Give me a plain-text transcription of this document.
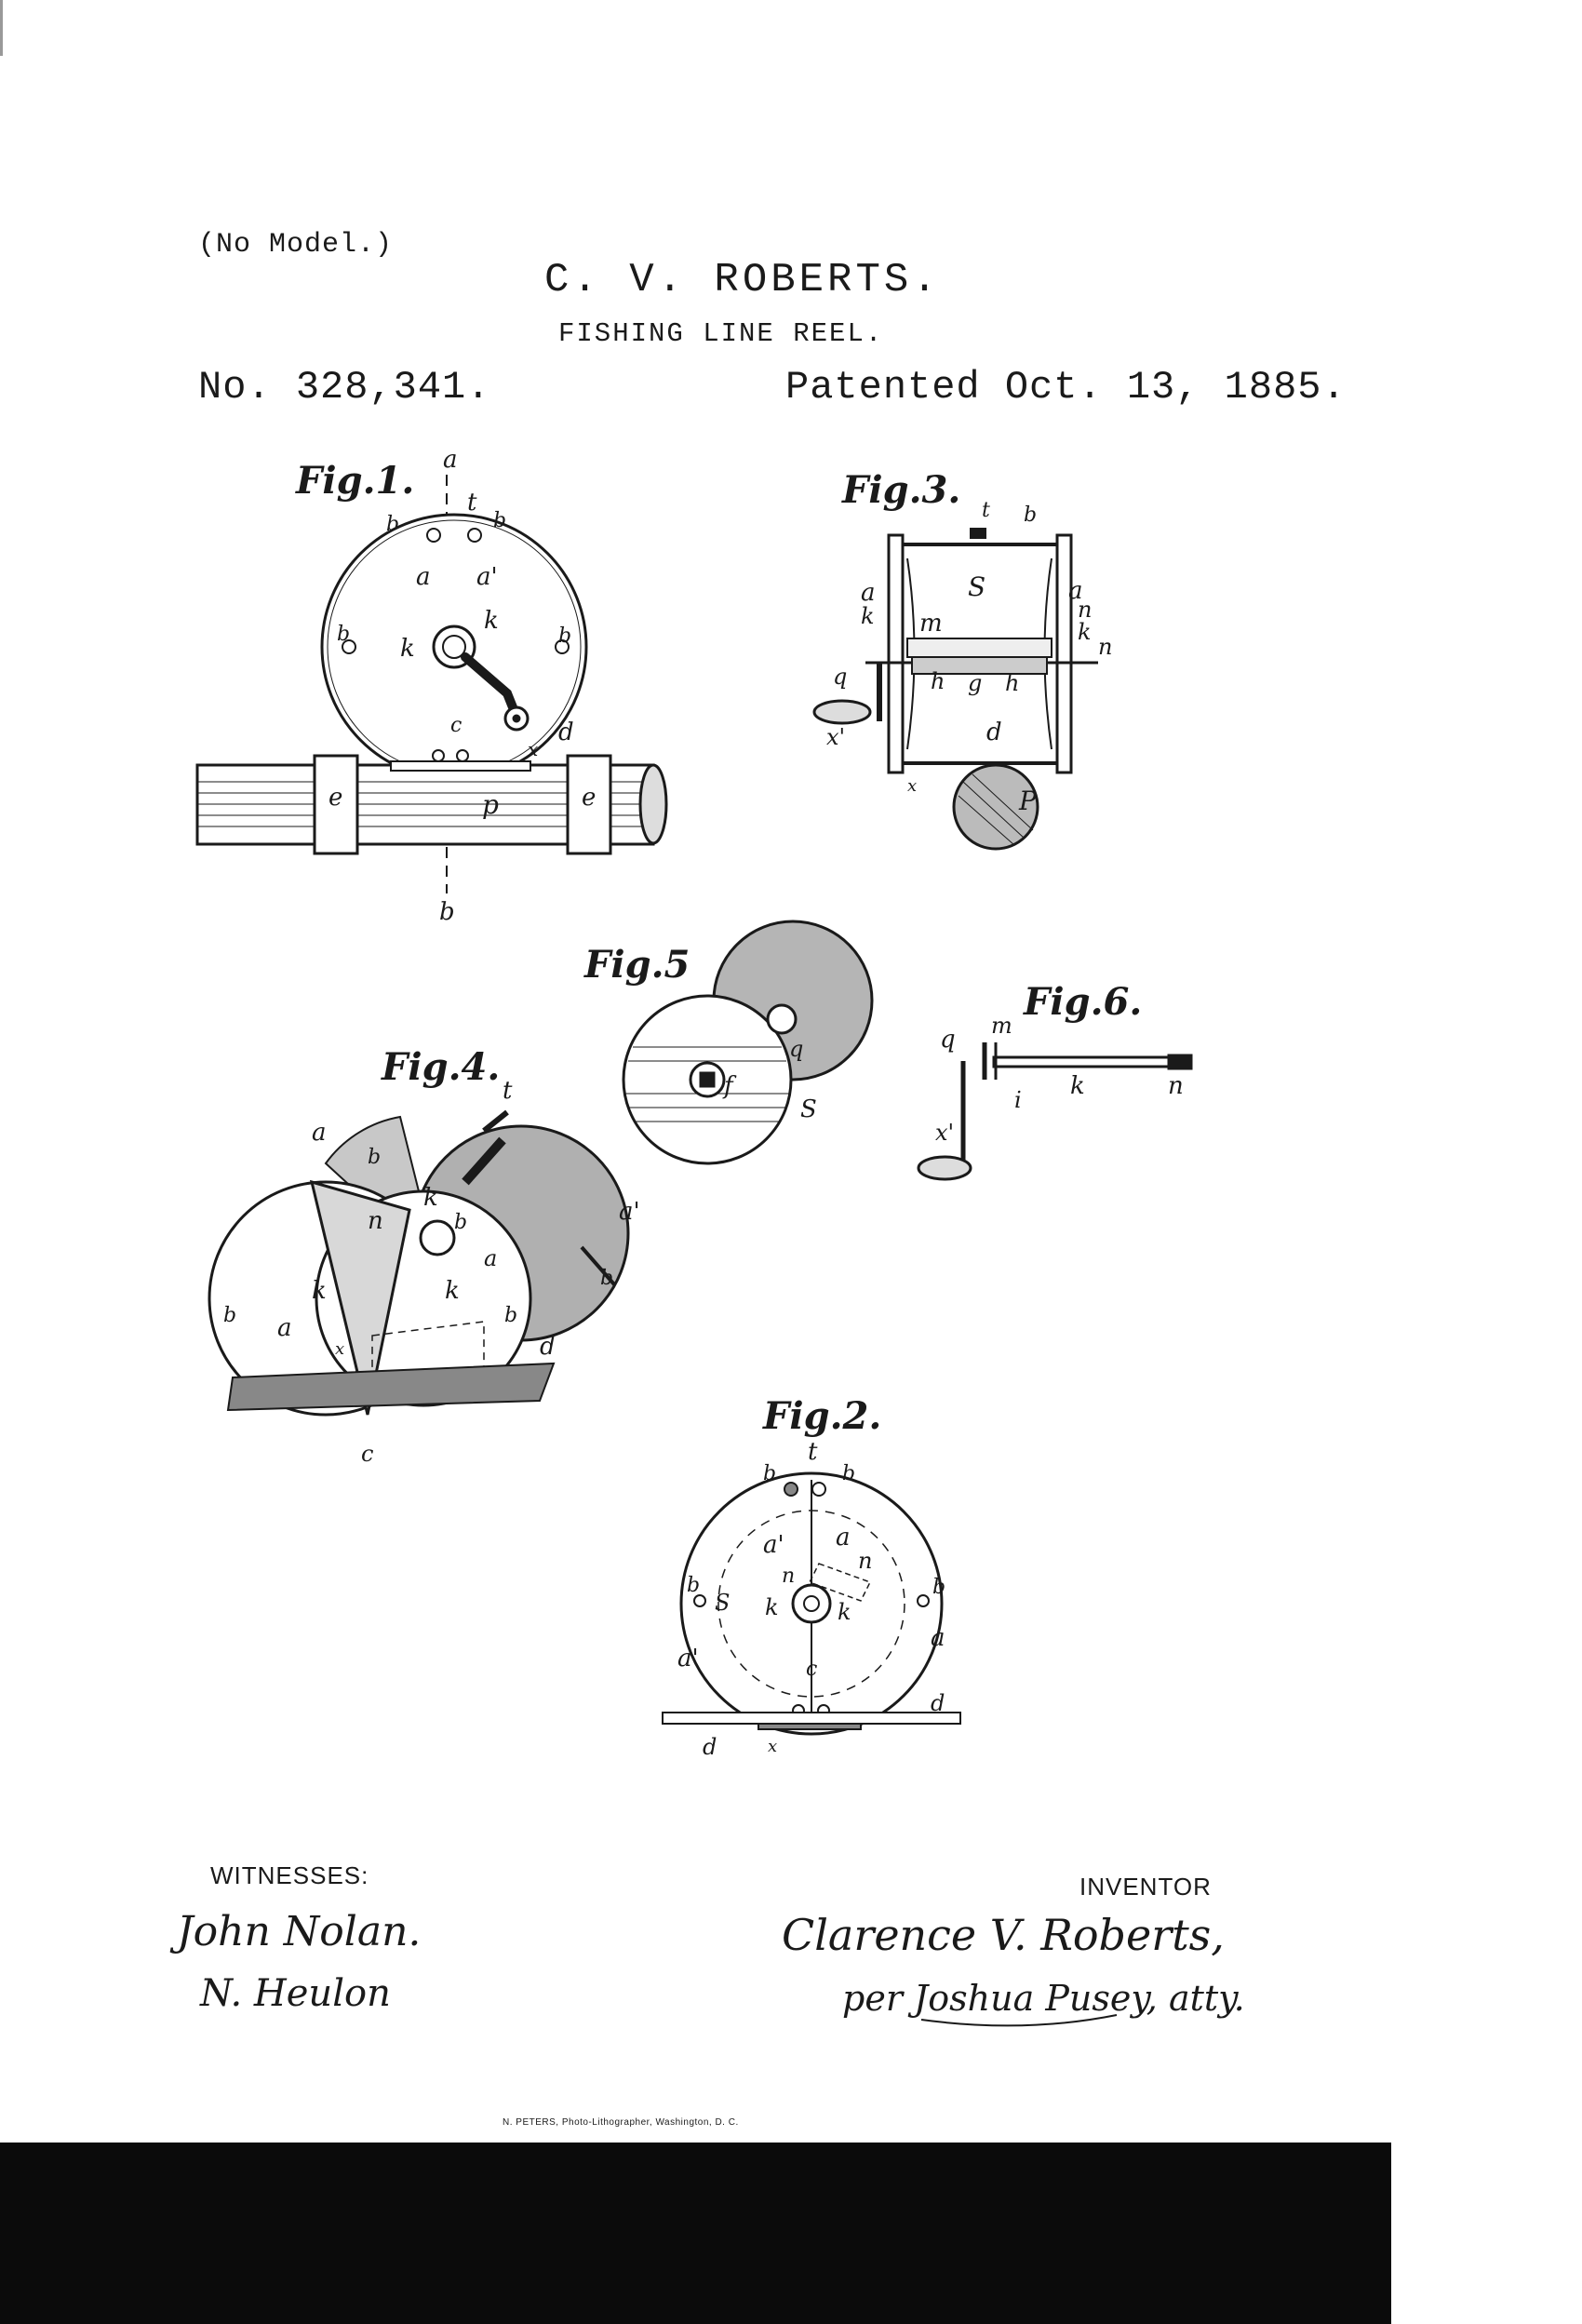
(No Model.)
C. V. ROBERTS.
FISHING LINE REEL.
No. 328,341.	Patented Oct. 13, 1885.
Fig.1. a
t
b	b
a a'
b
k
k
b
c	d
x
e	p	e
b
Fig.3. t b
a	S	a
n
k m	k
n
q	h g h
x'	d
x	P
Fig.5
f
q
S
Fig.6.
q m
i k	n
x'
Fig.4.
t
a
b
k
n	b	a'
a
k	k	b
b	b
a
x	d
c
Fig.2.
t
b	b
a' a
n
b
S
n
k	k
b
a
a'	c
d
d	x
John Nolan.
N. Heulon
Clarence V. Roberts,
per Joshua Pusey, atty.
WITNESSES:	INVENTOR
N. PETERS, Photo-Lithographer, Washington, D. C.
